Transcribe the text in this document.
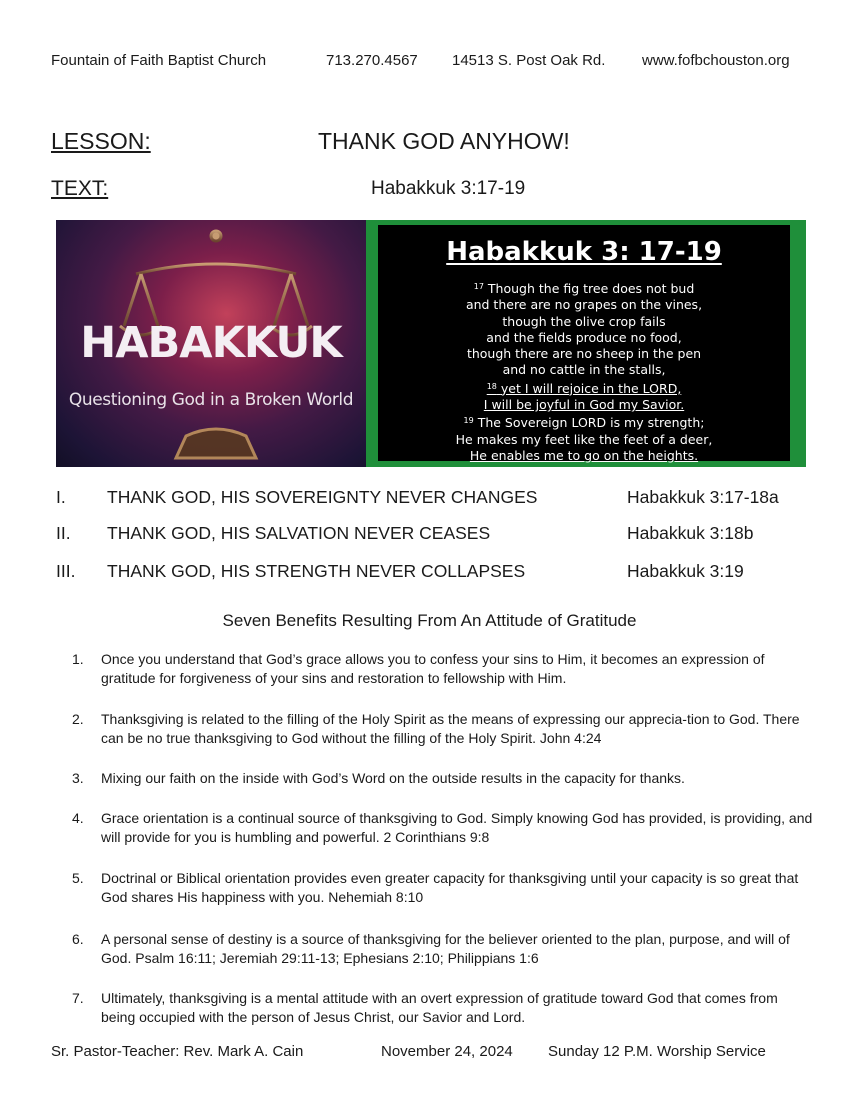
Fountain of Faith Baptist Church	713.270.4567 14513 S. Post Oak Rd. www.fofbchouston.org
LESSON:	THANK GOD ANYHOW!
TEXT:	Habakkuk 3:17-19
HABAKKUK
Questioning God in a Broken World
Habakkuk 3: 17-19
$^{17}$ Though the fig tree does not bud
and there are no grapes on the vines,
though the olive crop fails
and the fields produce no food,
though there are no sheep in the pen
and no cattle in the stalls,
$^{18}$ yet I will rejoice in the LORD,
I will be joyful in God my Savior.
$^{19}$ The Sovereign LORD is my strength;
He makes my feet like the feet of a deer,
He enables me to go on the heights.
I. THANK GOD, HIS SOVEREIGNTY NEVER CHANGES	Habakkuk 3:17-18a
II. THANK GOD, HIS SALVATION NEVER CEASES	Habakkuk 3:18b
III. THANK GOD, HIS STRENGTH NEVER COLLAPSES	Habakkuk 3:19
Seven Benefits Resulting From An Attitude of Gratitude
1.	Once you understand that God’s grace allows you to confess your sins to Him, it becomes an expression of gratitude for forgiveness of your sins and restoration to fellowship with Him.
2.	Thanksgiving is related to the filling of the Holy Spirit as the means of expressing our apprecia-tion to God. There can be no true thanksgiving to God without the filling of the Holy Spirit. John 4:24
3.	Mixing our faith on the inside with God’s Word on the outside results in the capacity for thanks.
4.	Grace orientation is a continual source of thanksgiving to God. Simply knowing God has provided, is providing, and will provide for you is humbling and powerful. 2 Corinthians 9:8
5.	Doctrinal or Biblical orientation provides even greater capacity for thanksgiving until your capacity is so great that God shares His happiness with you. Nehemiah 8:10
6.	A personal sense of destiny is a source of thanksgiving for the believer oriented to the plan, purpose, and will of God. Psalm 16:11; Jeremiah 29:11-13; Ephesians 2:10; Philippians 1:6
7.	Ultimately, thanksgiving is a mental attitude with an overt expression of gratitude toward God that comes from being occupied with the person of Jesus Christ, our Savior and Lord.
Sr. Pastor-Teacher: Rev. Mark A. Cain	November 24, 2024 Sunday 12 P.M. Worship Service
